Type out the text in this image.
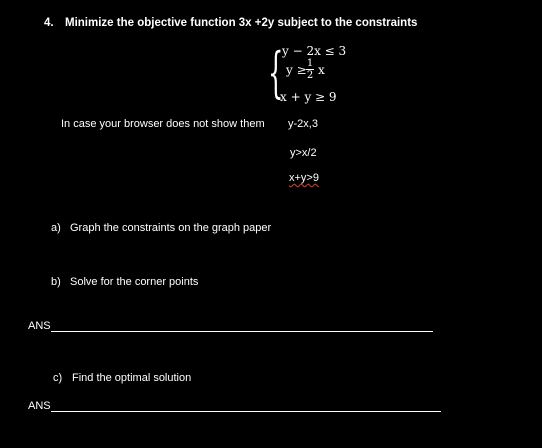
4. Minimize the objective function 3x +2y subject to the constraints
{
y − 2x ≤ 3
y ≥ 1
2 x
x + y ≥ 9
In case your browser does not show them y-2x,3
y>x/2
x+y>9
a) Graph the constraints on the graph paper
b) Solve for the corner points
ANS
c) Find the optimal solution
ANS
